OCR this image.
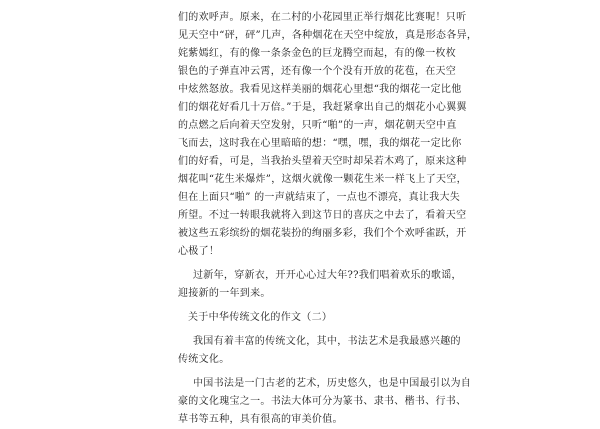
们的欢呼声。原来，在二村的小花园里正举行烟花比赛呢！只听
见天空中“砰，砰”几声，各种烟花在天空中绽放，真是形态各异，
姹紫嫣红，有的像一条条金色的巨龙腾空而起，有的像一枚枚
银色的子弹直冲云霄，还有像一个个没有开放的花苞，在天空
中炫然怒放。我看见这样美丽的烟花心里想“我的烟花一定比他
们的烟花好看几十万倍。”于是，我赶紧拿出自己的烟花小心翼翼
的点燃之后向着天空发射，只听“啪”的一声，烟花朝天空中直
飞而去，这时我在心里暗暗的想：“嘿，嘿，我的烟花一定比你
们的好看，可是，当我抬头望着天空时却呆若木鸡了，原来这种
烟花叫“花生米爆炸”，这烟火就像一颗花生米一样飞上了天空，
但在上面只“啪” 的一声就结束了，一点也不漂亮，真让我大失
所望。不过一转眼我就将入到这节日的喜庆之中去了，看着天空
被这些五彩缤纷的烟花装扮的绚丽多彩，我们个个欢呼雀跃，开
心极了！
过新年，穿新衣，开开心心过大年??我们唱着欢乐的歌谣，
迎接新的一年到来。
关于中华传统文化的作文（二）
我国有着丰富的传统文化，其中，书法艺术是我最感兴趣的
传统文化。
中国书法是一门古老的艺术，历史悠久，也是中国最引以为自
豪的文化瑰宝之一。书法大体可分为篆书、隶书、楷书、行书、
草书等五种，具有很高的审美价值。
